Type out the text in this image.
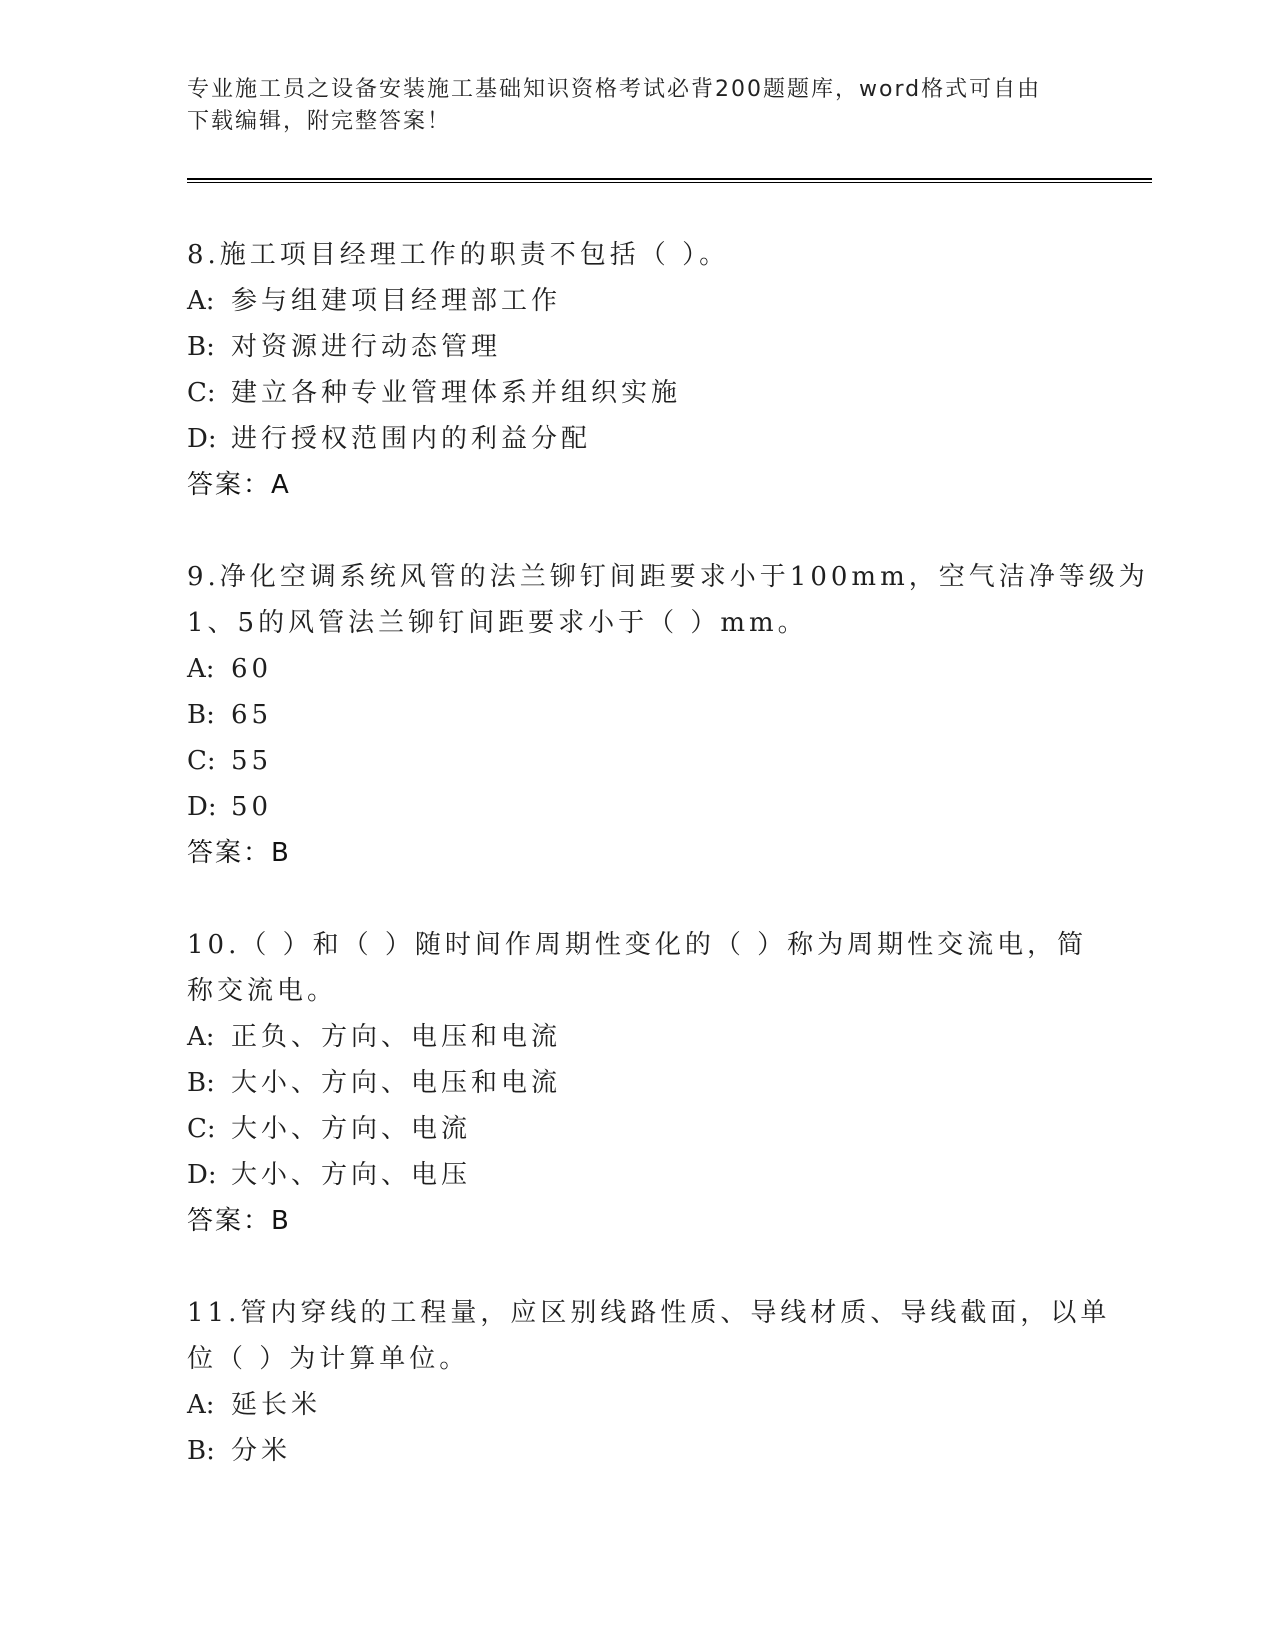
专业施工员之设备安装施工基础知识资格考试必背200题题库，word格式可自由
下载编辑，附完整答案！
8.施工项目经理工作的职责不包括（ ）。
A: 参与组建项目经理部工作
B: 对资源进行动态管理
C: 建立各种专业管理体系并组织实施
D: 进行授权范围内的利益分配
答案：A
9.净化空调系统风管的法兰铆钉间距要求小于100mm，空气洁净等级为
1、5的风管法兰铆钉间距要求小于（ ）mm。
A: 60
B: 65
C: 55
D: 50
答案：B
10.（ ）和（ ）随时间作周期性变化的（ ）称为周期性交流电，简
称交流电。
A: 正负、方向、电压和电流
B: 大小、方向、电压和电流
C: 大小、方向、电流
D: 大小、方向、电压
答案：B
11.管内穿线的工程量，应区别线路性质、导线材质、导线截面，以单
位（ ）为计算单位。
A: 延长米
B: 分米
